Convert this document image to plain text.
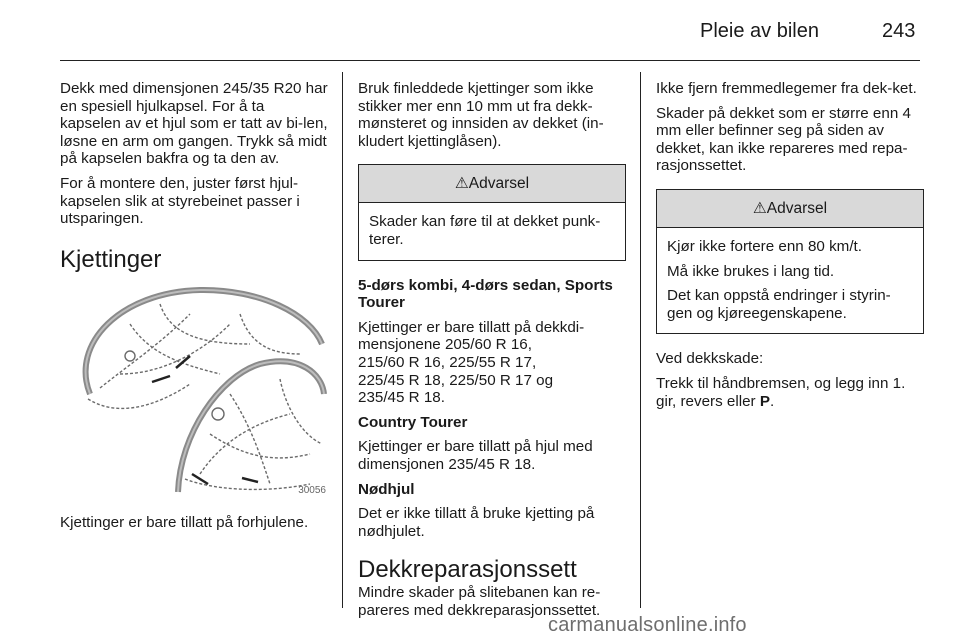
Pleie av bilen	243

Dekk med dimensjonen 245/35 R20 har en spesiell hjulkapsel. For å ta kapselen av et hjul som er tatt av bi-len, løsne en arm om gangen. Trykk så midt på kapselen bakfra og ta den av.

For å montere den, juster først hjul-kapselen slik at styrebeinet passer i utsparingen.

Kjettinger
30056

Kjettinger er bare tillatt på forhjulene.

Bruk finleddede kjettinger som ikke stikker mer enn 10 mm ut fra dekk-mønsteret og innsiden av dekket (in-kludert kjettinglåsen).

⚠Advarsel

Skader kan føre til at dekket punk-terer.

5-dørs kombi, 4-dørs sedan, Sports Tourer

Kjettinger er bare tillatt på dekkdi-
mensjonene 205/60 R 16,
215/60 R 16, 225/55 R 17,
225/45 R 18, 225/50 R 17 og
235/45 R 18.

Country Tourer

Kjettinger er bare tillatt på hjul med dimensjonen 235/45 R 18.

Nødhjul

Det er ikke tillatt å bruke kjetting på nødhjulet.

Dekkreparasjonssett

Mindre skader på slitebanen kan re-pareres med dekkreparasjonssettet.

Ikke fjern fremmedlegemer fra dek-ket.

Skader på dekket som er større enn 4 mm eller befinner seg på siden av dekket, kan ikke repareres med repa-rasjonssettet.

⚠Advarsel

Kjør ikke fortere enn 80 km/t.

Må ikke brukes i lang tid.

Det kan oppstå endringer i styrin-gen og kjøreegenskapene.

Ved dekkskade:

Trekk til håndbremsen, og legg inn 1. gir, revers eller P.

carmanualsonline.info
